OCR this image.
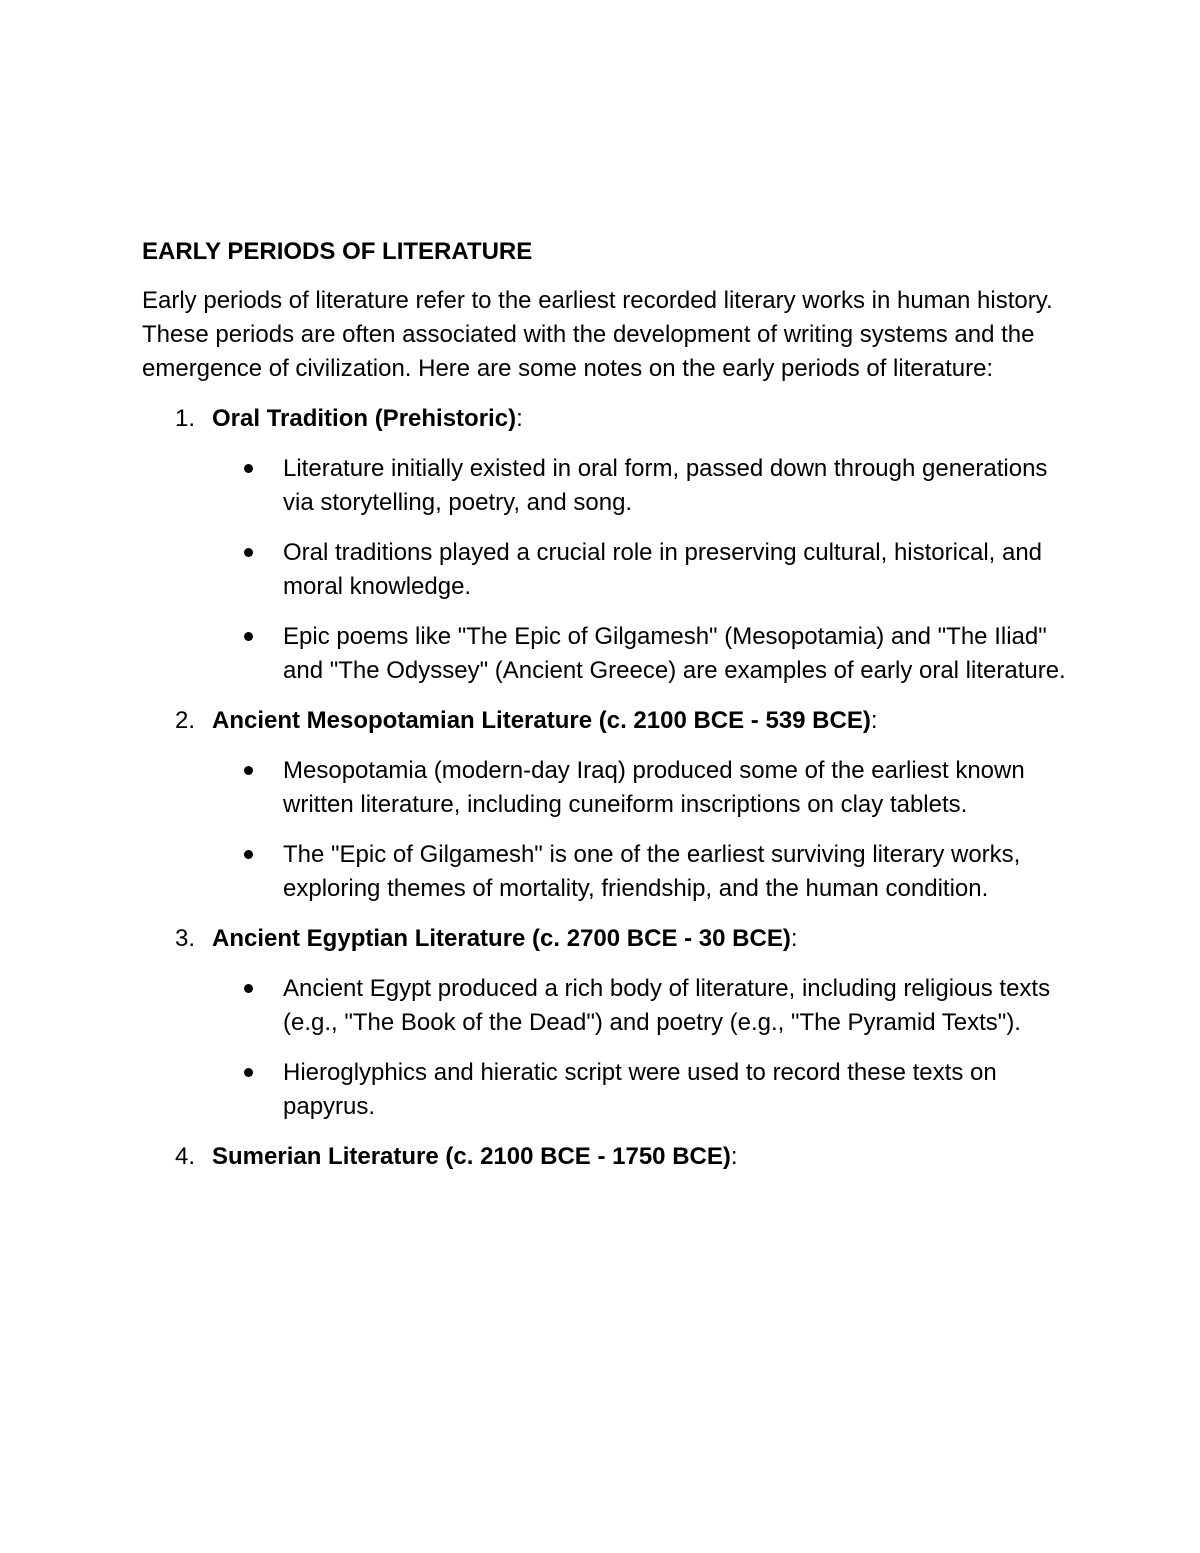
EARLY PERIODS OF LITERATURE
Early periods of literature refer to the earliest recorded literary works in human history. These periods are often associated with the development of writing systems and the emergence of civilization. Here are some notes on the early periods of literature:
1. Oral Tradition (Prehistoric):
Literature initially existed in oral form, passed down through generations via storytelling, poetry, and song.
Oral traditions played a crucial role in preserving cultural, historical, and moral knowledge.
Epic poems like "The Epic of Gilgamesh" (Mesopotamia) and "The Iliad" and "The Odyssey" (Ancient Greece) are examples of early oral literature.
2. Ancient Mesopotamian Literature (c. 2100 BCE - 539 BCE):
Mesopotamia (modern-day Iraq) produced some of the earliest known written literature, including cuneiform inscriptions on clay tablets.
The "Epic of Gilgamesh" is one of the earliest surviving literary works, exploring themes of mortality, friendship, and the human condition.
3. Ancient Egyptian Literature (c. 2700 BCE - 30 BCE):
Ancient Egypt produced a rich body of literature, including religious texts (e.g., "The Book of the Dead") and poetry (e.g., "The Pyramid Texts").
Hieroglyphics and hieratic script were used to record these texts on papyrus.
4. Sumerian Literature (c. 2100 BCE - 1750 BCE):
